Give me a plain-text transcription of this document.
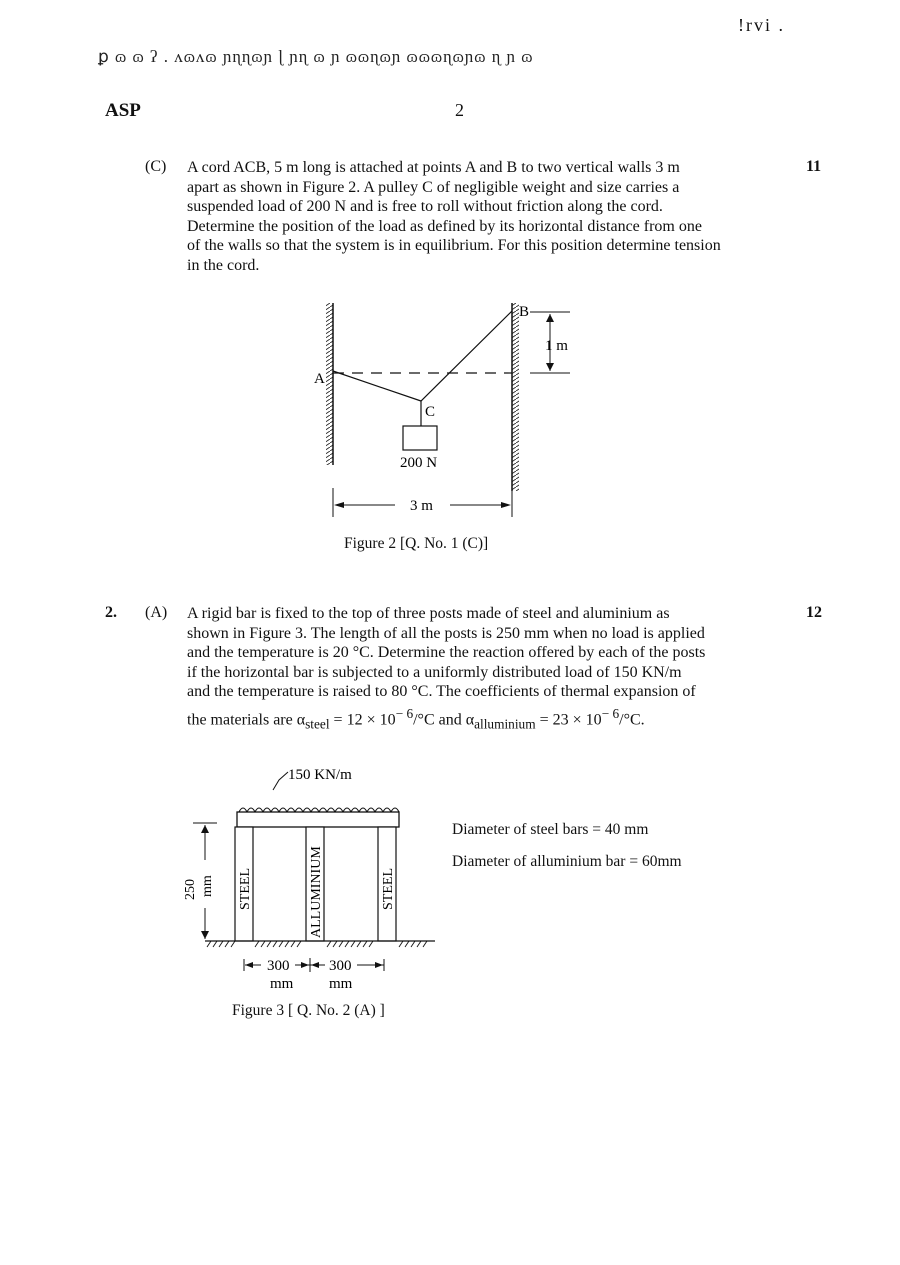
!rvi .
ꝑ ɷ ɷ ʔ . ʌɷʌɷ ɲɳɳɷɲ ɭ ɲɳ ɷ ɲ ɷɷɳɷɲ ɷɷɷɳɷɲɷ ɳ ɲ ɷ
ASP	2
(C)	11
A cord ACB, 5 m long is attached at points A and B to two vertical walls 3 m
apart as shown in Figure 2. A pulley C of negligible weight and size carries a
suspended load of 200 N and is free to roll without friction along the cord.
Determine the position of the load as defined by its horizontal distance from one
of the walls so that the system is in equilibrium. For this position determine tension
in the cord.
A
B
C
200 N
1 m
3 m
Figure 2 [Q. No. 1 (C)]
2. (A)	12
A rigid bar is fixed to the top of three posts made of steel and aluminium as
shown in Figure 3. The length of all the posts is 250 mm when no load is applied
and the temperature is 20 °C. Determine the reaction offered by each of the posts
if the horizontal bar is subjected to a uniformly distributed load of 150 KN/m
and the temperature is raised to 80 °C. The coefficients of thermal expansion of
the materials are $\alpha_{steel} = 12 \times 10^{- 6}/^\circ C$ and $\alpha_{alluminium} = 23 \times 10^{- 6}/^\circ C$.
150 KN/m
STEEL	ALLUMINIUM	STEEL
250 mm
300	300
mm mm
Figure 3 [ Q. No. 2 (A) ]
Diameter of steel bars = 40 mm
Diameter of alluminium bar = 60mm
